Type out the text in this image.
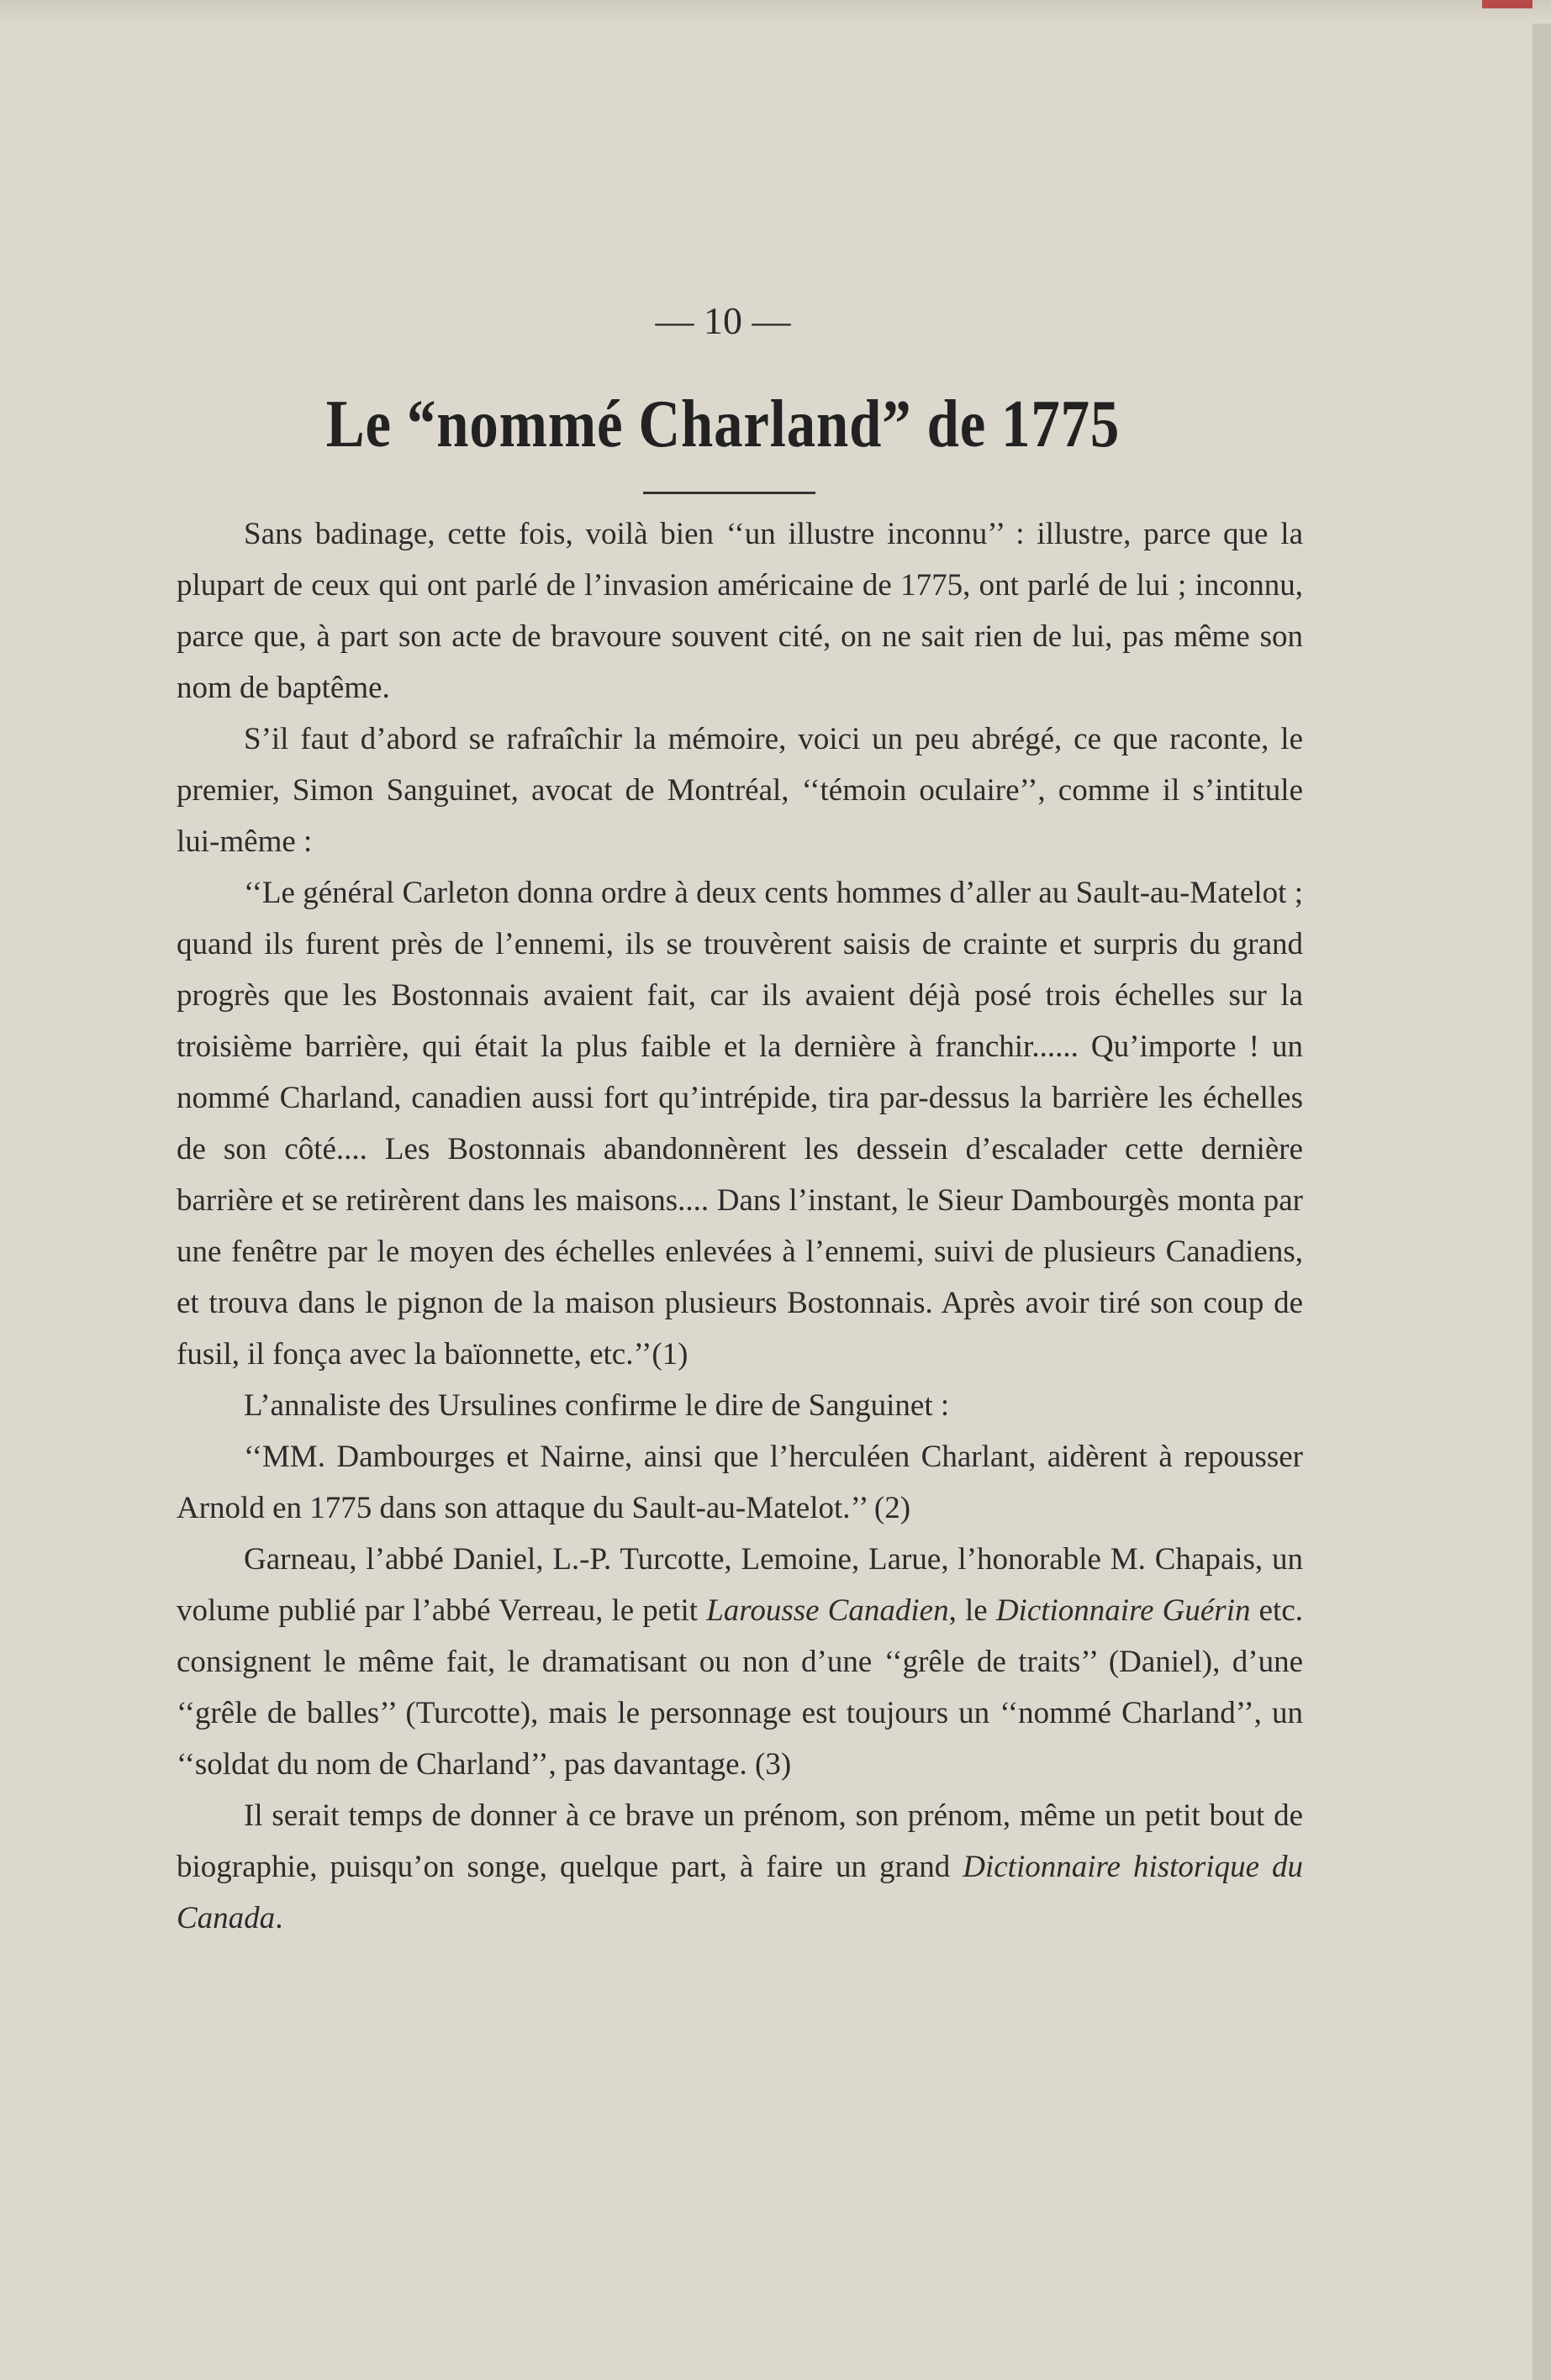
— 10 —
Le “nommé Charland” de 1775

Sans badinage, cette fois, voilà bien ‘‘un illustre inconnu’’ : illustre, parce que la plupart de ceux qui ont parlé de l’invasion américaine de 1775, ont parlé de lui ; inconnu, parce que, à part son acte de bravoure souvent cité, on ne sait rien de lui, pas même son nom de baptême.

S’il faut d’abord se rafraîchir la mémoire, voici un peu abrégé, ce que raconte, le premier, Simon Sanguinet, avocat de Montréal, ‘‘témoin oculaire’’, comme il s’intitule lui-même :

‘‘Le général Carleton donna ordre à deux cents hommes d’aller au Sault-au-Matelot ; quand ils furent près de l’ennemi, ils se trouvèrent saisis de crainte et surpris du grand progrès que les Bostonnais avaient fait, car ils avaient déjà posé trois échelles sur la troisième barrière, qui était la plus faible et la dernière à franchir...... Qu’importe ! un nommé Charland, canadien aussi fort qu’intrépide, tira par-dessus la barrière les échelles de son côté.... Les Bostonnais abandonnèrent les dessein d’escalader cette dernière barrière et se retirèrent dans les maisons.... Dans l’instant, le Sieur Dambourgès monta par une fenêtre par le moyen des échelles enlevées à l’ennemi, suivi de plusieurs Canadiens, et trouva dans le pignon de la maison plusieurs Bostonnais. Après avoir tiré son coup de fusil, il fonça avec la baïonnette, etc.’’(1)

L’annaliste des Ursulines confirme le dire de Sanguinet :

‘‘MM. Dambourges et Nairne, ainsi que l’herculéen Charlant, aidèrent à repousser Arnold en 1775 dans son attaque du Sault-au-Matelot.’’ (2)

Garneau, l’abbé Daniel, L.-P. Turcotte, Lemoine, Larue, l’honorable M. Chapais, un volume publié par l’abbé Verreau, le petit Larousse Canadien, le Dictionnaire Guérin etc. consignent le même fait, le dramatisant ou non d’une ‘‘grêle de traits’’ (Daniel), d’une ‘‘grêle de balles’’ (Turcotte), mais le personnage est toujours un ‘‘nommé Charland’’, un ‘‘soldat du nom de Charland’’, pas davantage. (3)

Il serait temps de donner à ce brave un prénom, son prénom, même un petit bout de biographie, puisqu’on songe, quelque part, à faire un grand Dictionnaire historique du Canada.
